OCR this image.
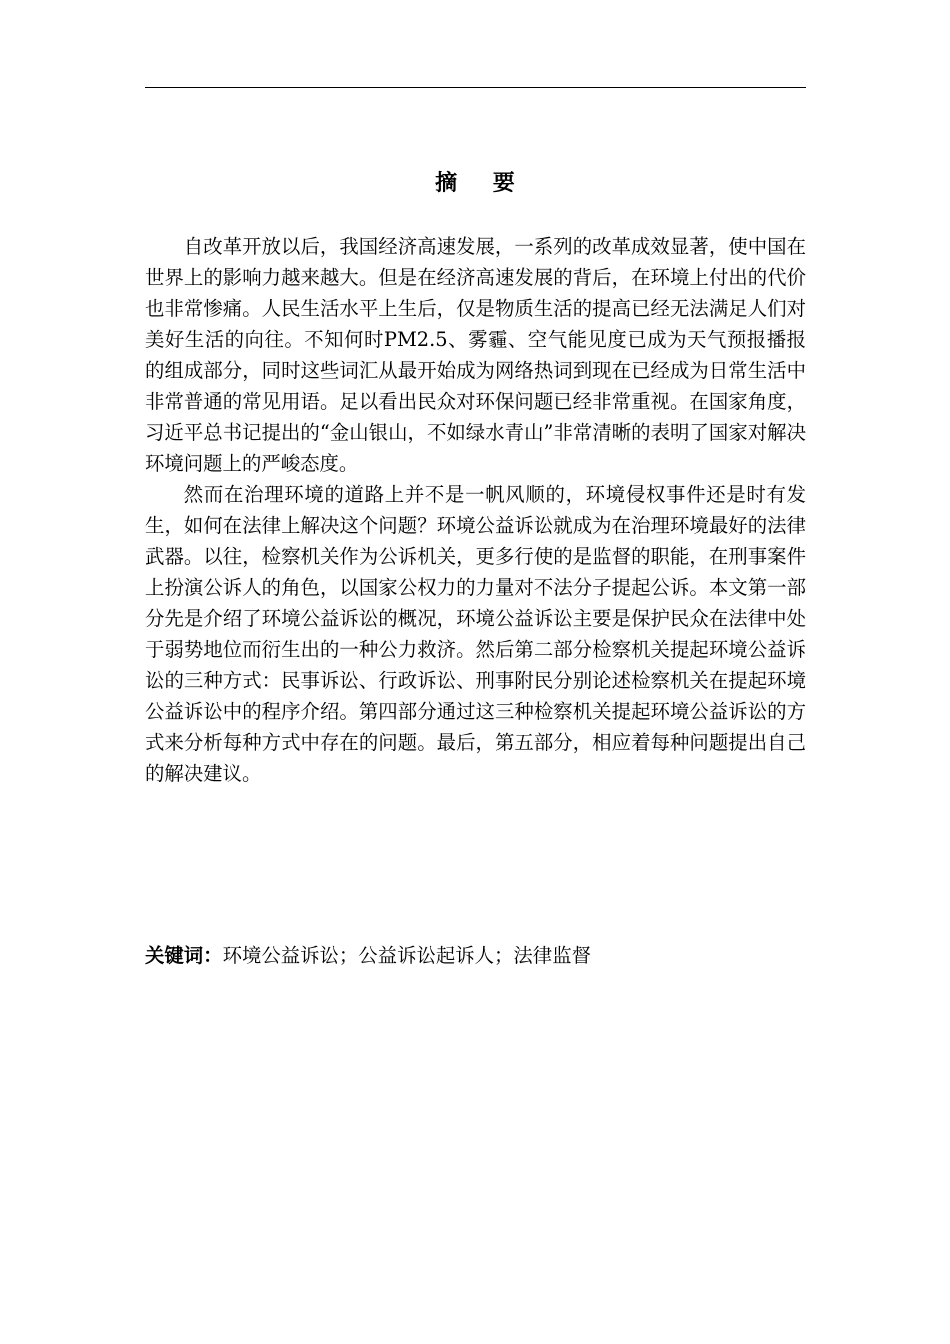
摘    要

自改革开放以后，我国经济高速发展，一系列的改革成效显著，使中国在世界上的影响力越来越大。但是在经济高速发展的背后，在环境上付出的代价也非常惨痛。人民生活水平上生后，仅是物质生活的提高已经无法满足人们对美好生活的向往。不知何时PM2.5、雾霾、空气能见度已成为天气预报播报的组成部分，同时这些词汇从最开始成为网络热词到现在已经成为日常生活中非常普通的常见用语。足以看出民众对环保问题已经非常重视。在国家角度，习近平总书记提出的“金山银山，不如绿水青山”非常清晰的表明了国家对解决环境问题上的严峻态度。

然而在治理环境的道路上并不是一帆风顺的，环境侵权事件还是时有发生，如何在法律上解决这个问题？环境公益诉讼就成为在治理环境最好的法律武器。以往，检察机关作为公诉机关，更多行使的是监督的职能，在刑事案件上扮演公诉人的角色，以国家公权力的力量对不法分子提起公诉。本文第一部分先是介绍了环境公益诉讼的概况，环境公益诉讼主要是保护民众在法律中处于弱势地位而衍生出的一种公力救济。然后第二部分检察机关提起环境公益诉讼的三种方式：民事诉讼、行政诉讼、刑事附民分别论述检察机关在提起环境公益诉讼中的程序介绍。第四部分通过这三种检察机关提起环境公益诉讼的方式来分析每种方式中存在的问题。最后，第五部分，相应着每种问题提出自己的解决建议。

关键词：环境公益诉讼；公益诉讼起诉人；法律监督
